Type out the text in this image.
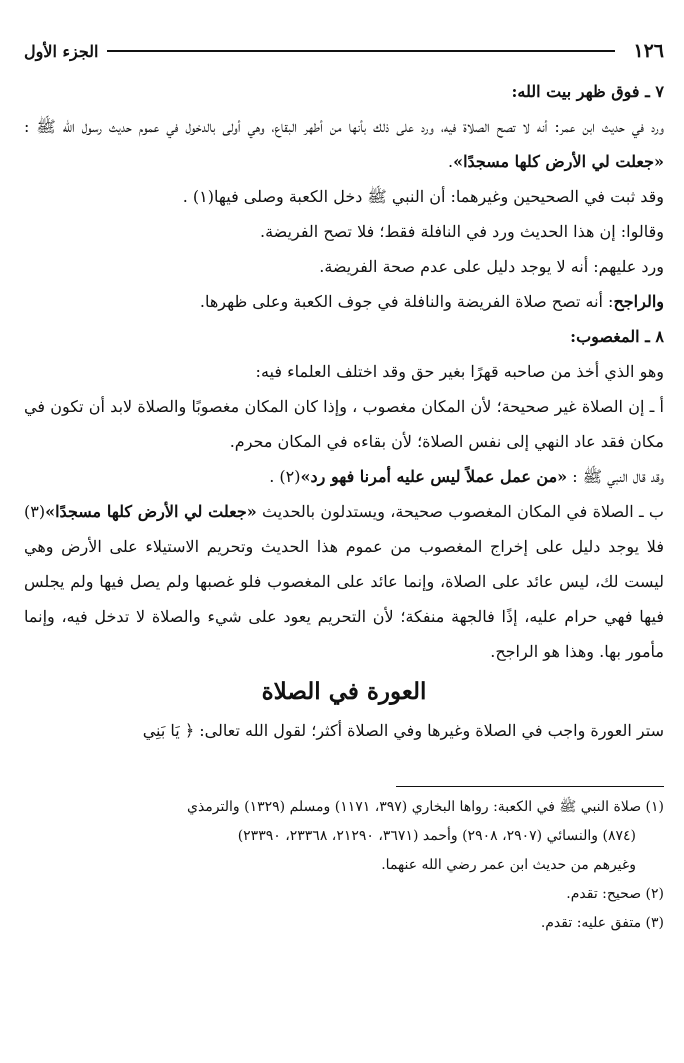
١٢٦
الجزء الأول

٧ ـ فوق ظهر بيت الله:

ورد في حديث ابن عمر: أنه لا تصح الصلاة فيه، ورد على ذلك بأنها من أطهر البقاع، وهي أولى بالدخول في عموم حديث رسول الله ﷺ : «جعلت لي الأرض كلها مسجدًا».

وقد ثبت في الصحيحين وغيرهما: أن النبي ﷺ دخل الكعبة وصلى فيها(١) .

وقالوا: إن هذا الحديث ورد في النافلة فقط؛ فلا تصح الفريضة.

ورد عليهم: أنه لا يوجد دليل على عدم صحة الفريضة.

والراجح: أنه تصح صلاة الفريضة والنافلة في جوف الكعبة وعلى ظهرها.

٨ ـ المغصوب:

وهو الذي أخذ من صاحبه قهرًا بغير حق وقد اختلف العلماء فيه:

أ ـ إن الصلاة غير صحيحة؛ لأن المكان مغصوب ، وإذا كان المكان مغصوبًا والصلاة لابد أن تكون في مكان فقد عاد النهي إلى نفس الصلاة؛ لأن بقاءه في المكان محرم.

وقد قال النبي ﷺ : «من عمل عملاً ليس عليه أمرنا فهو رد»(٢) .

ب ـ الصلاة في المكان المغصوب صحيحة، ويستدلون بالحديث «جعلت لي الأرض كلها مسجدًا»(٣) فلا يوجد دليل على إخراج المغصوب من عموم هذا الحديث وتحريم الاستيلاء على الأرض وهي ليست لك، ليس عائد على الصلاة، وإنما عائد على المغصوب فلو غصبها ولم يصل فيها ولم يجلس فيها فهي حرام عليه، إذًا فالجهة منفكة؛ لأن التحريم يعود على شيء والصلاة لا تدخل فيه، وإنما مأمور بها. وهذا هو الراجح.

العورة في الصلاة

ستر العورة واجب في الصلاة وغيرها وفي الصلاة أكثر؛ لقول الله تعالى: ﴿ يَا بَنِي

(١) صلاة النبي ﷺ في الكعبة: رواها البخاري (٣٩٧، ١١٧١) ومسلم (١٣٢٩) والترمذي

(٨٧٤) والنسائي (٢٩٠٧، ٢٩٠٨) وأحمد (٣٦٧١، ٢١٢٩٠، ٢٣٣٦٨، ٢٣٣٩٠)

وغيرهم من حديث ابن عمر رضي الله عنهما.

(٢) صحيح: تقدم.

(٣) متفق عليه: تقدم.
